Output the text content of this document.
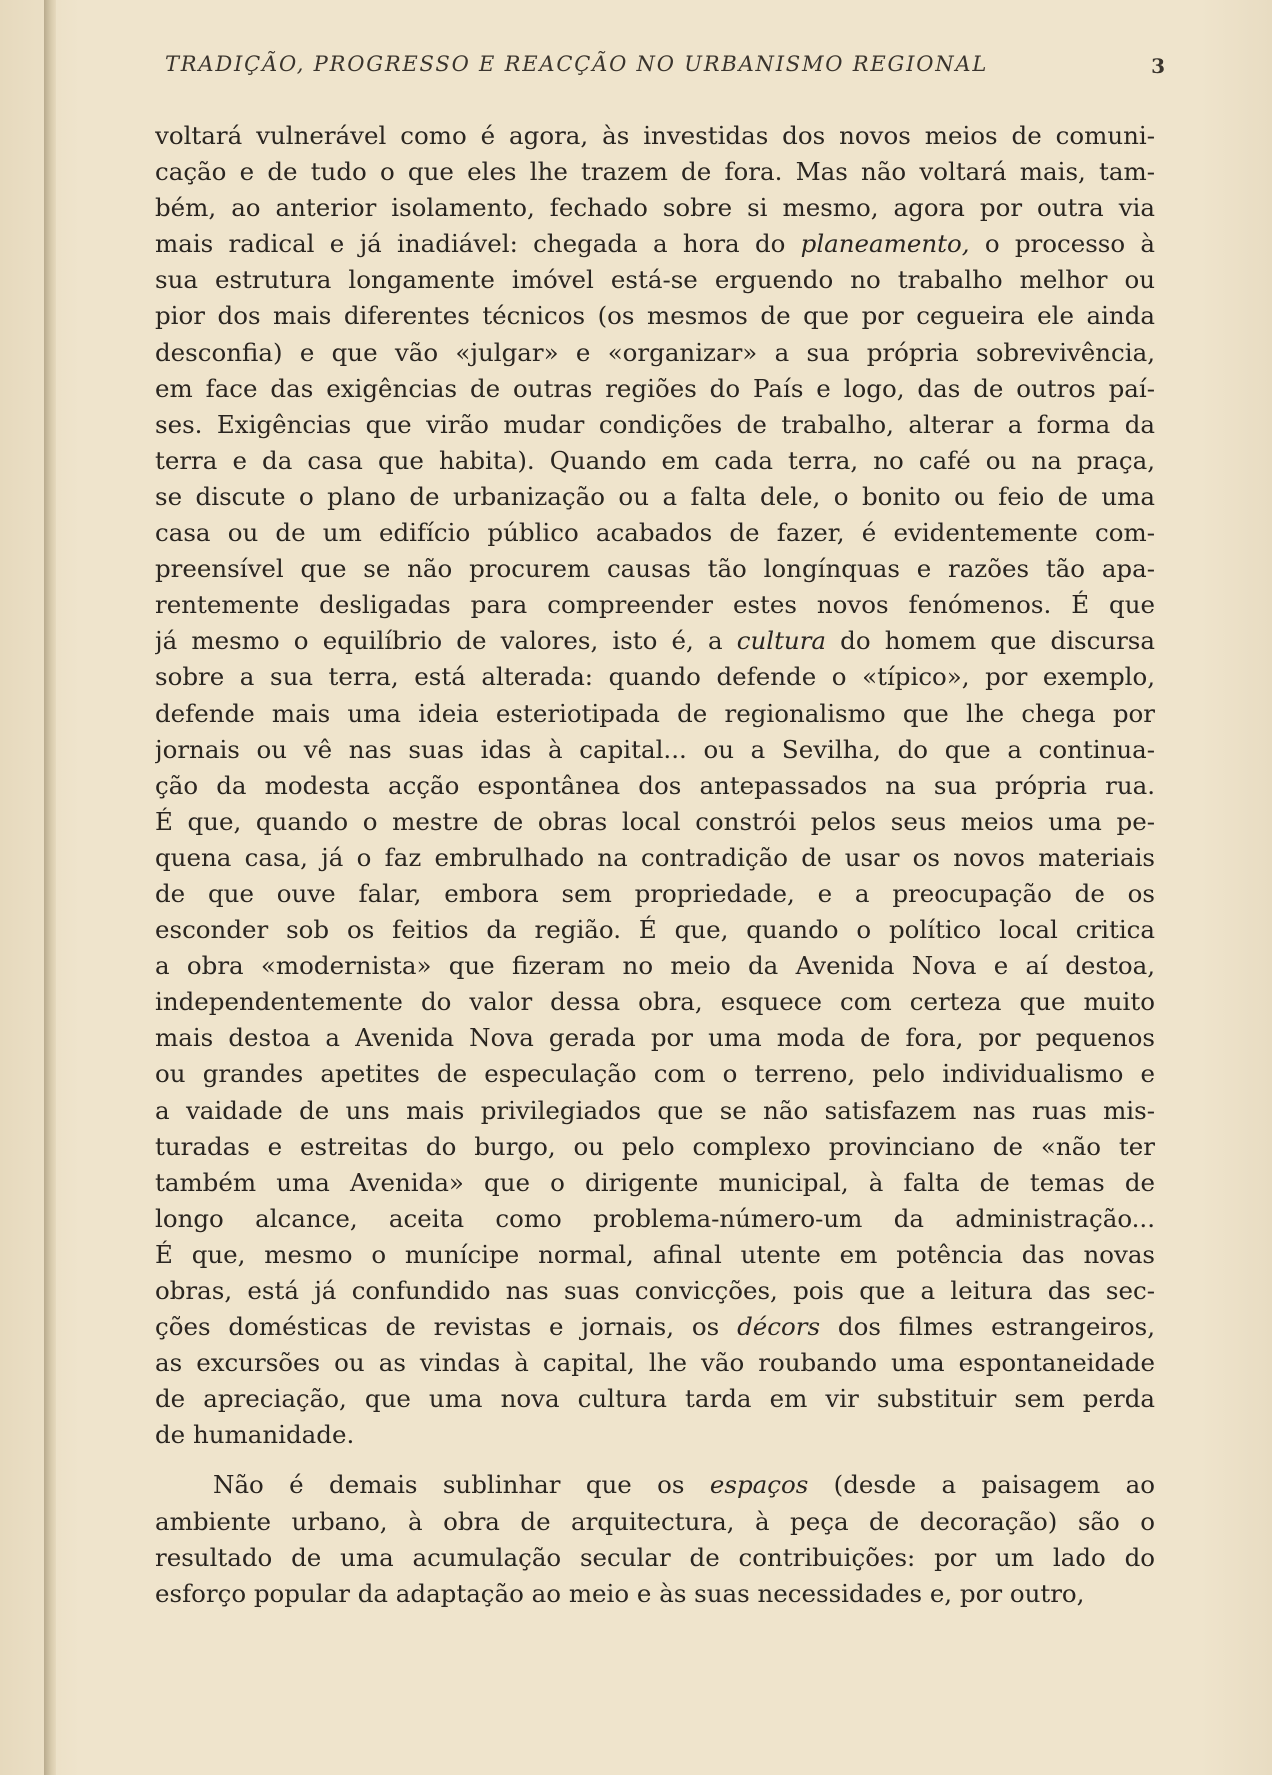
TRADIÇÃO, PROGRESSO E REACÇÃO NO URBANISMO REGIONAL	3
voltará vulnerável como é agora, às investidas dos novos meios de comuni-
cação e de tudo o que eles lhe trazem de fora. Mas não voltará mais, tam-
bém, ao anterior isolamento, fechado sobre si mesmo, agora por outra via
mais radical e já inadiável: chegada a hora do planeamento, o processo à
sua estrutura longamente imóvel está-se erguendo no trabalho melhor ou
pior dos mais diferentes técnicos (os mesmos de que por cegueira ele ainda
desconfia) e que vão «julgar» e «organizar» a sua própria sobrevivência,
em face das exigências de outras regiões do País e logo, das de outros paí-
ses. Exigências que virão mudar condições de trabalho, alterar a forma da
terra e da casa que habita). Quando em cada terra, no café ou na praça,
se discute o plano de urbanização ou a falta dele, o bonito ou feio de uma
casa ou de um edifício público acabados de fazer, é evidentemente com-
preensível que se não procurem causas tão longínquas e razões tão apa-
rentemente desligadas para compreender estes novos fenómenos. É que
já mesmo o equilíbrio de valores, isto é, a cultura do homem que discursa
sobre a sua terra, está alterada: quando defende o «típico», por exemplo,
defende mais uma ideia esteriotipada de regionalismo que lhe chega por
jornais ou vê nas suas idas à capital... ou a Sevilha, do que a continua-
ção da modesta acção espontânea dos antepassados na sua própria rua.
É que, quando o mestre de obras local constrói pelos seus meios uma pe-
quena casa, já o faz embrulhado na contradição de usar os novos materiais
de que ouve falar, embora sem propriedade, e a preocupação de os
esconder sob os feitios da região. É que, quando o político local critica
a obra «modernista» que fizeram no meio da Avenida Nova e aí destoa,
independentemente do valor dessa obra, esquece com certeza que muito
mais destoa a Avenida Nova gerada por uma moda de fora, por pequenos
ou grandes apetites de especulação com o terreno, pelo individualismo e
a vaidade de uns mais privilegiados que se não satisfazem nas ruas mis-
turadas e estreitas do burgo, ou pelo complexo provinciano de «não ter
também uma Avenida» que o dirigente municipal, à falta de temas de
longo alcance, aceita como problema-número-um da administração...
É que, mesmo o munícipe normal, afinal utente em potência das novas
obras, está já confundido nas suas convicções, pois que a leitura das sec-
ções domésticas de revistas e jornais, os décors dos filmes estrangeiros,
as excursões ou as vindas à capital, lhe vão roubando uma espontaneidade
de apreciação, que uma nova cultura tarda em vir substituir sem perda
de humanidade.
Não é demais sublinhar que os espaços (desde a paisagem ao
ambiente urbano, à obra de arquitectura, à peça de decoração) são o
resultado de uma acumulação secular de contribuições: por um lado do
esforço popular da adaptação ao meio e às suas necessidades e, por outro,
